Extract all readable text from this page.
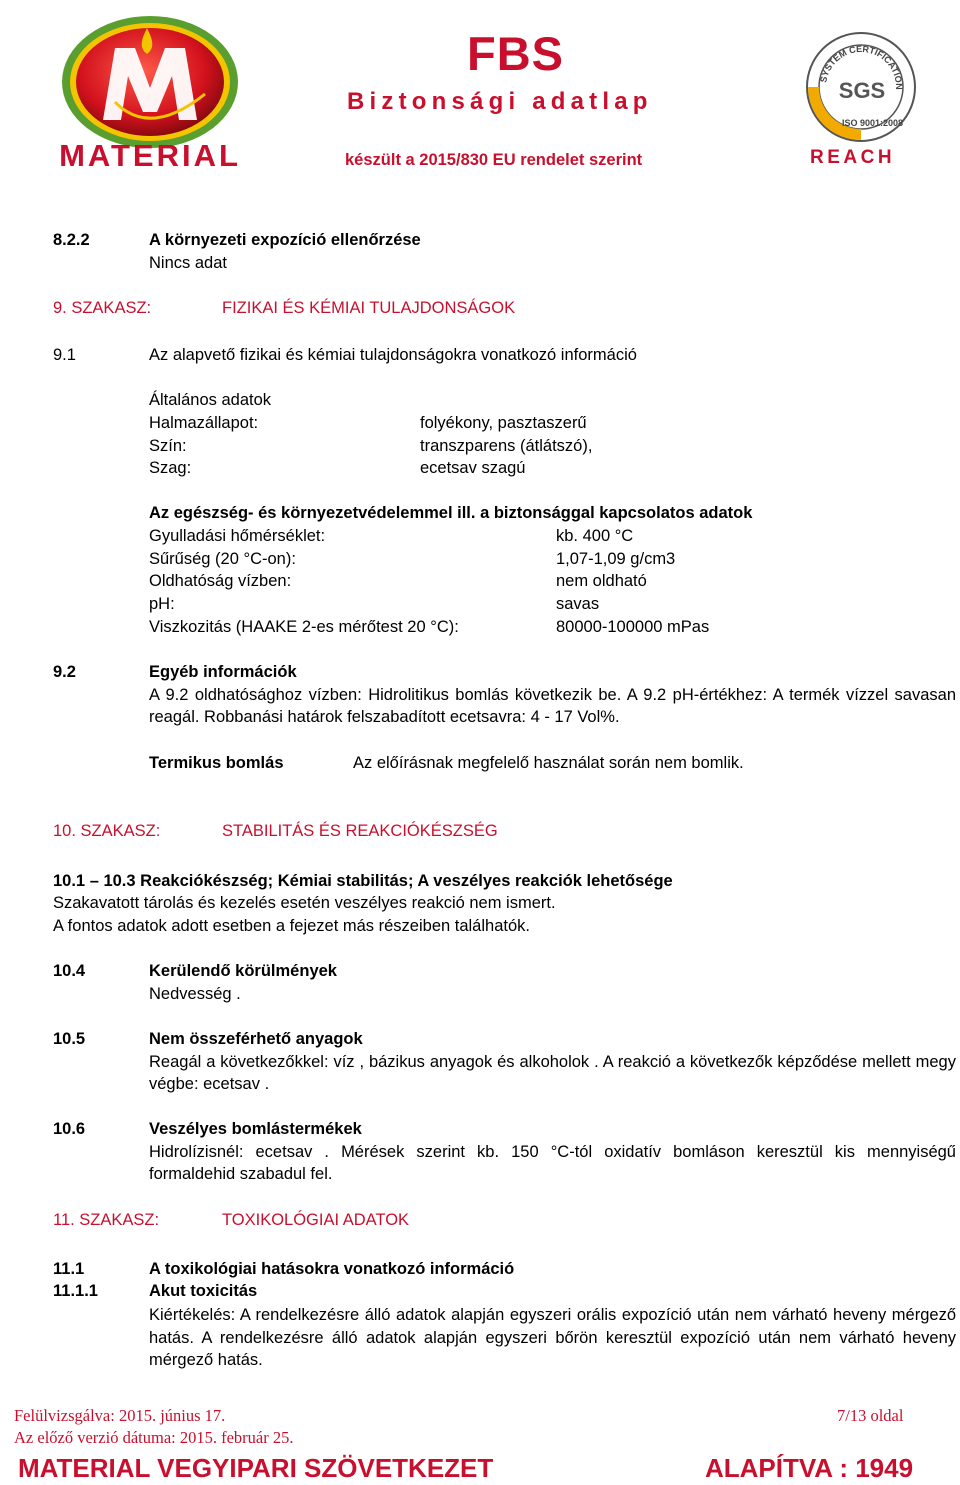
MATERIAL
FBS
Biztonsági adatlap
készült a 2015/830 EU rendelet szerint	REACH
SYSTEM CERTIFICATION
ISO 9001:2008
SGS
8.2.2	A környezeti expozíció ellenőrzése
Nincs adat
9. SZAKASZ:	FIZIKAI ÉS KÉMIAI TULAJDONSÁGOK
9.1	Az alapvető fizikai és kémiai tulajdonságokra vonatkozó információ
Általános adatok
Halmazállapot:	folyékony, pasztaszerű
Szín:	transzparens (átlátszó),
Szag:	ecetsav szagú
Az egészség- és környezetvédelemmel ill. a biztonsággal kapcsolatos adatok
Gyulladási hőmérséklet:	kb. 400 °C
Sűrűség (20 °C-on):	1,07-1,09 g/cm3
Oldhatóság vízben:	nem oldható
pH:	savas
Viszkozitás (HAAKE 2-es mérőtest 20 °C):	80000-100000 mPas
9.2	Egyéb információk
A 9.2 oldhatósághoz vízben: Hidrolitikus bomlás következik be. A 9.2 pH-értékhez: A termék vízzel savasan reagál. Robbanási határok felszabadított ecetsavra: 4 - 17 Vol%.
Termikus bomlás	Az előírásnak megfelelő használat során nem bomlik.
10. SZAKASZ:	STABILITÁS ÉS REAKCIÓKÉSZSÉG
10.1 – 10.3 Reakciókészség; Kémiai stabilitás; A veszélyes reakciók lehetősége
Szakavatott tárolás és kezelés esetén veszélyes reakció nem ismert.
A fontos adatok adott esetben a fejezet más részeiben találhatók.
10.4	Kerülendő körülmények
Nedvesség .
10.5	Nem összeférhető anyagok
Reagál a következőkkel: víz , bázikus anyagok és alkoholok . A reakció a következők képződése mellett megy végbe: ecetsav .
10.6	Veszélyes bomlástermékek
Hidrolízisnél: ecetsav . Mérések szerint kb. 150 °C-tól oxidatív bomláson keresztül kis mennyiségű formaldehid szabadul fel.
11. SZAKASZ:	TOXIKOLÓGIAI ADATOK
11.1	A toxikológiai hatásokra vonatkozó információ
11.1.1	Akut toxicitás
Kiértékelés: A rendelkezésre álló adatok alapján egyszeri orális expozíció után nem várható heveny mérgező hatás. A rendelkezésre álló adatok alapján egyszeri bőrön keresztül expozíció után nem várható heveny mérgező hatás.
Felülvizsgálva: 2015. június 17.
Az előző verzió dátuma: 2015. február 25.
7/13 oldal
MATERIAL VEGYIPARI SZÖVETKEZET	ALAPÍTVA : 1949
